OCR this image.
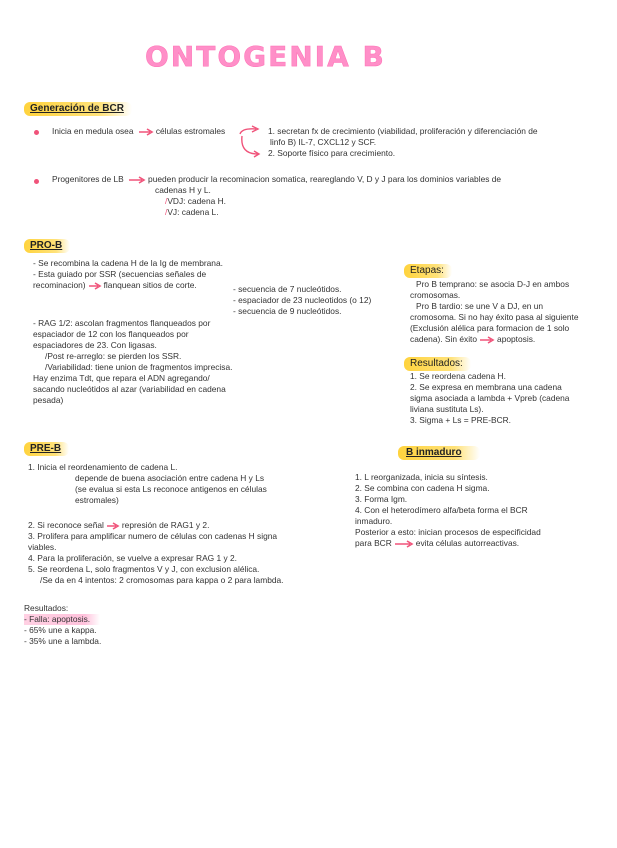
ONTOGENIA B
Generación de BCR
Inicia en medula osea	células estromales	1. secretan fx de crecimiento (viabilidad, proliferación y diferenciación de
linfo B) IL-7, CXCL12 y SCF.
2. Soporte físico para crecimiento.
Progenitores de LB	pueden producir la recominacion somatica, reareglando V, D y J para los dominios variables de
cadenas H y L.
/VDJ: cadena H.
/VJ: cadena L.
PRO-B
- Se recombina la cadena H de la Ig de membrana.
- Esta guiado por SSR (secuencias señales de
recominacion) flanquean sitios de corte.	- secuencia de 7 nucleótidos.
- espaciador de 23 nucleotidos (o 12)
- secuencia de 9 nucleótidos.
- RAG 1/2: ascolan fragmentos flanqueados por
espaciador de 12 con los flanqueados por
espaciadores de 23. Con ligasas.
/Post re-arreglo: se pierden los SSR.
/Variabilidad: tiene union de fragmentos imprecisa.
Hay enzima Tdt, que repara el ADN agregando/
sacando nucleótidos al azar (variabilidad en cadena
pesada)
Etapas:
Pro B temprano: se asocia D-J en ambos
cromosomas.
Pro B tardio: se une V a DJ, en un
cromosoma. Si no hay éxito pasa al siguiente
(Exclusión alélica para formacion de 1 solo
cadena). Sin éxito apoptosis.
Resultados:
1. Se reordena cadena H.
2. Se expresa en membrana una cadena
sigma asociada a lambda + Vpreb (cadena
liviana sustituta Ls).
3. Sigma + Ls = PRE-BCR.
PRE-B
1. Inicia el reordenamiento de cadena L.
depende de buena asociación entre cadena H y Ls
(se evalua si esta Ls reconoce antigenos en células
estromales)
2. Si reconoce señal represión de RAG1 y 2.
3. Prolifera para amplificar numero de células con cadenas H signa
viables.
4. Para la proliferación, se vuelve a expresar RAG 1 y 2.
5. Se reordena L, solo fragmentos V y J, con exclusion alélica.
/Se da en 4 intentos: 2 cromosomas para kappa o 2 para lambda.
Resultados:
- Falla: apoptosis.
- 65% une a kappa.
- 35% une a lambda.
B inmaduro
1. L reorganizada, inicia su síntesis.
2. Se combina con cadena H sigma.
3. Forma Igm.
4. Con el heterodímero alfa/beta forma el BCR
inmaduro.
Posterior a esto: inician procesos de especificidad
para BCR	evita células autorreactivas.
